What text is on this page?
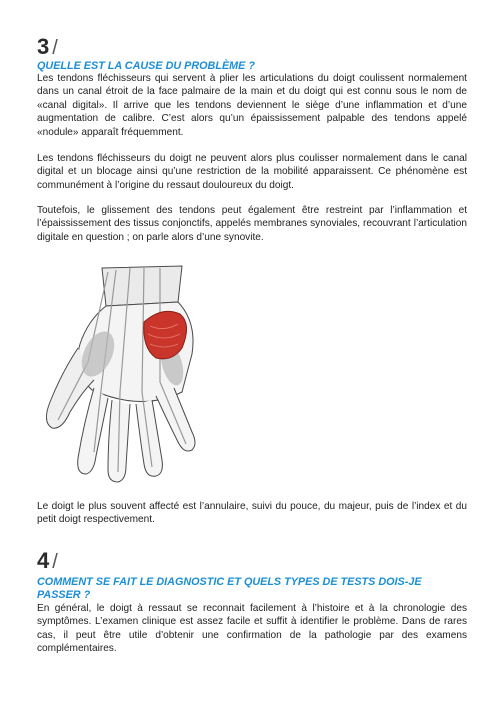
3 /
QUELLE EST LA CAUSE DU PROBLÈME ?
Les tendons fléchisseurs qui servent à plier les articulations du doigt coulissent normalement dans un canal étroit de la face palmaire de la main et du doigt qui est connu sous le nom de «canal digital». Il arrive que les tendons deviennent le siège d’une inflammation et d’une augmentation de calibre. C’est alors qu’un épaississement palpable des tendons appelé «nodule» apparaît fréquemment.
Les tendons fléchisseurs du doigt ne peuvent alors plus coulisser normalement dans le canal digital et un blocage ainsi qu’une restriction de la mobilité apparaissent. Ce phénomène est communément à l’origine du ressaut douloureux du doigt.
Toutefois, le glissement des tendons peut également être restreint par l’inflammation et l’épaississement des tissus conjonctifs, appelés membranes synoviales, recouvrant l’articulation digitale en question ; on parle alors d’une synovite.
Le doigt le plus souvent affecté est l’annulaire, suivi du pouce, du majeur, puis de l’index et du petit doigt respectivement.
4 /
COMMENT SE FAIT LE DIAGNOSTIC ET QUELS TYPES DE TESTS DOIS-JE PASSER ?
En général, le doigt à ressaut se reconnait facilement à l’histoire et à la chronologie des symptômes. L’examen clinique est assez facile et suffit à identifier le problème. Dans de rares cas, il peut être utile d’obtenir une confirmation de la pathologie par des examens complémentaires.
